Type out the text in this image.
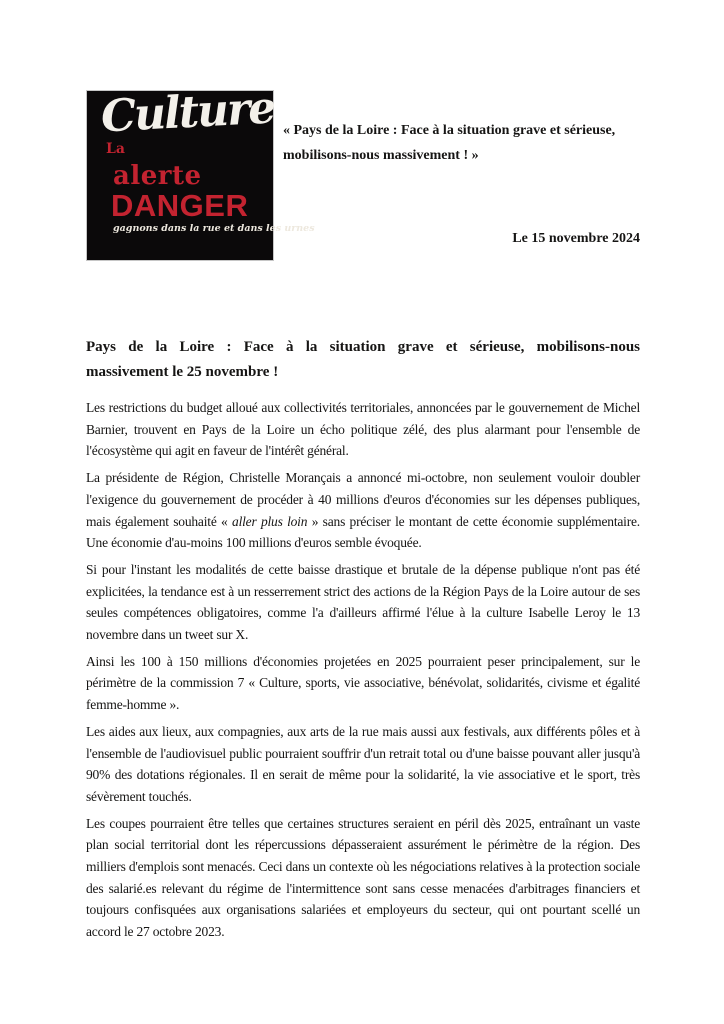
Culture
La
alerte
DANGER
gagnons dans la rue et dans les urnes
« Pays de la Loire : Face à la situation grave et sérieuse,
mobilisons-nous massivement ! »
Le 15 novembre 2024
Pays de la Loire : Face à la situation grave et sérieuse, mobilisons-nous
massivement le 25 novembre !

Les restrictions du budget alloué aux collectivités territoriales, annoncées par le gouvernement de Michel Barnier, trouvent en Pays de la Loire un écho politique zélé, des plus alarmant pour l'ensemble de l'écosystème qui agit en faveur de l'intérêt général.

La présidente de Région, Christelle Morançais a annoncé mi-octobre, non seulement vouloir doubler l'exigence du gouvernement de procéder à 40 millions d'euros d'économies sur les dépenses publiques, mais également souhaité « aller plus loin » sans préciser le montant de cette économie supplémentaire. Une économie d'au-moins 100 millions d'euros semble évoquée.

Si pour l'instant les modalités de cette baisse drastique et brutale de la dépense publique n'ont pas été explicitées, la tendance est à un resserrement strict des actions de la Région Pays de la Loire autour de ses seules compétences obligatoires, comme l'a d'ailleurs affirmé l'élue à la culture Isabelle Leroy le 13 novembre dans un tweet sur X.

Ainsi les 100 à 150 millions d'économies projetées en 2025 pourraient peser principalement, sur le périmètre de la commission 7 « Culture, sports, vie associative, bénévolat, solidarités, civisme et égalité femme-homme ».

Les aides aux lieux, aux compagnies, aux arts de la rue mais aussi aux festivals, aux différents pôles et à l'ensemble de l'audiovisuel public pourraient souffrir d'un retrait total ou d'une baisse pouvant aller jusqu'à 90% des dotations régionales. Il en serait de même pour la solidarité, la vie associative et le sport, très sévèrement touchés.

Les coupes pourraient être telles que certaines structures seraient en péril dès 2025, entraînant un vaste plan social territorial dont les répercussions dépasseraient assurément le périmètre de la région. Des milliers d'emplois sont menacés. Ceci dans un contexte où les négociations relatives à la protection sociale des salarié.es relevant du régime de l'intermittence sont sans cesse menacées d'arbitrages financiers et toujours confisquées aux organisations salariées et employeurs du secteur, qui ont pourtant scellé un accord le 27 octobre 2023.
